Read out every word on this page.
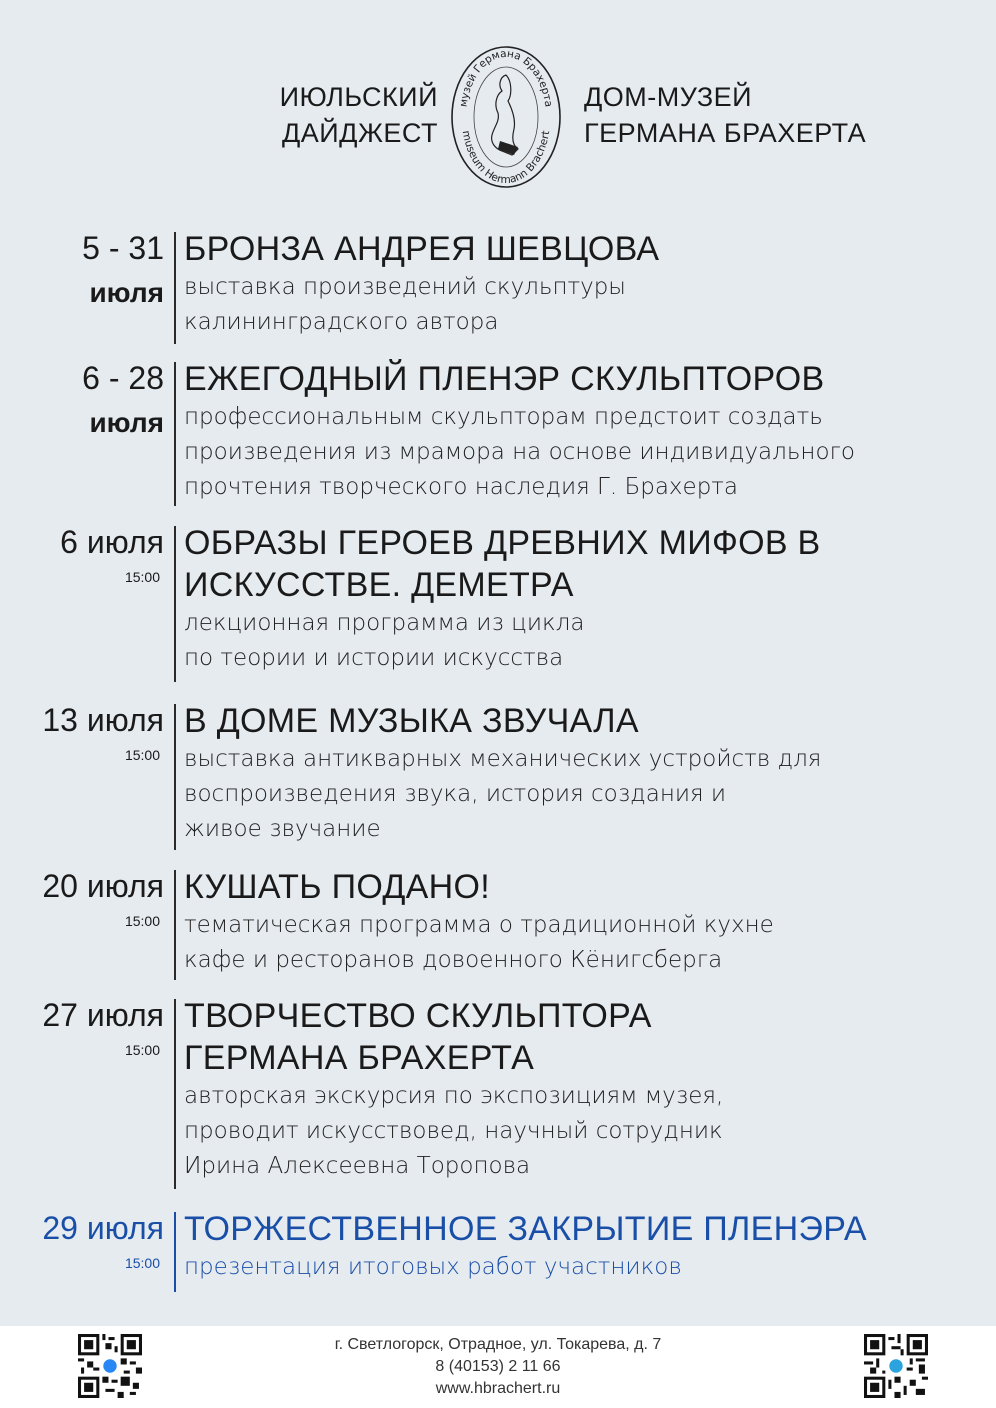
ИЮЛЬСКИЙ
ДАЙДЖЕСТ
музей Германа Брахерта
museum Hermann Brachert
ДОМ-МУЗЕЙ
ГЕРМАНА БРАХЕРТА
5 - 31
июля
БРОНЗА АНДРЕЯ ШЕВЦОВА
выставка произведений скульптуры
калининградского автора
6 - 28
июля
ЕЖЕГОДНЫЙ ПЛЕНЭР СКУЛЬПТОРОВ
профессиональным скульпторам предстоит создать
произведения из мрамора на основе индивидуального
прочтения творческого наследия Г. Брахерта
6 июля
15:00
ОБРАЗЫ ГЕРОЕВ ДРЕВНИХ МИФОВ В
ИСКУССТВЕ. ДЕМЕТРА
лекционная программа из цикла
по теории и истории искусства
13 июля
15:00
В ДОМЕ МУЗЫКА ЗВУЧАЛА
выставка антикварных механических устройств для
воспроизведения звука, история создания и
живое звучание
20 июля
15:00
КУШАТЬ ПОДАНО!
тематическая программа о традиционной кухне
кафе и ресторанов довоенного Кёнигсберга
27 июля
15:00
ТВОРЧЕСТВО СКУЛЬПТОРА
ГЕРМАНА БРАХЕРТА
авторская экскурсия по экспозициям музея,
проводит искусствовед, научный сотрудник
Ирина Алексеевна Торопова
29 июля
15:00
ТОРЖЕСТВЕННОЕ ЗАКРЫТИЕ ПЛЕНЭРА
презентация итоговых работ участников
г. Светлогорск, Отрадное, ул. Токарева, д. 7
8 (40153) 2 11 66
www.hbrachert.ru
